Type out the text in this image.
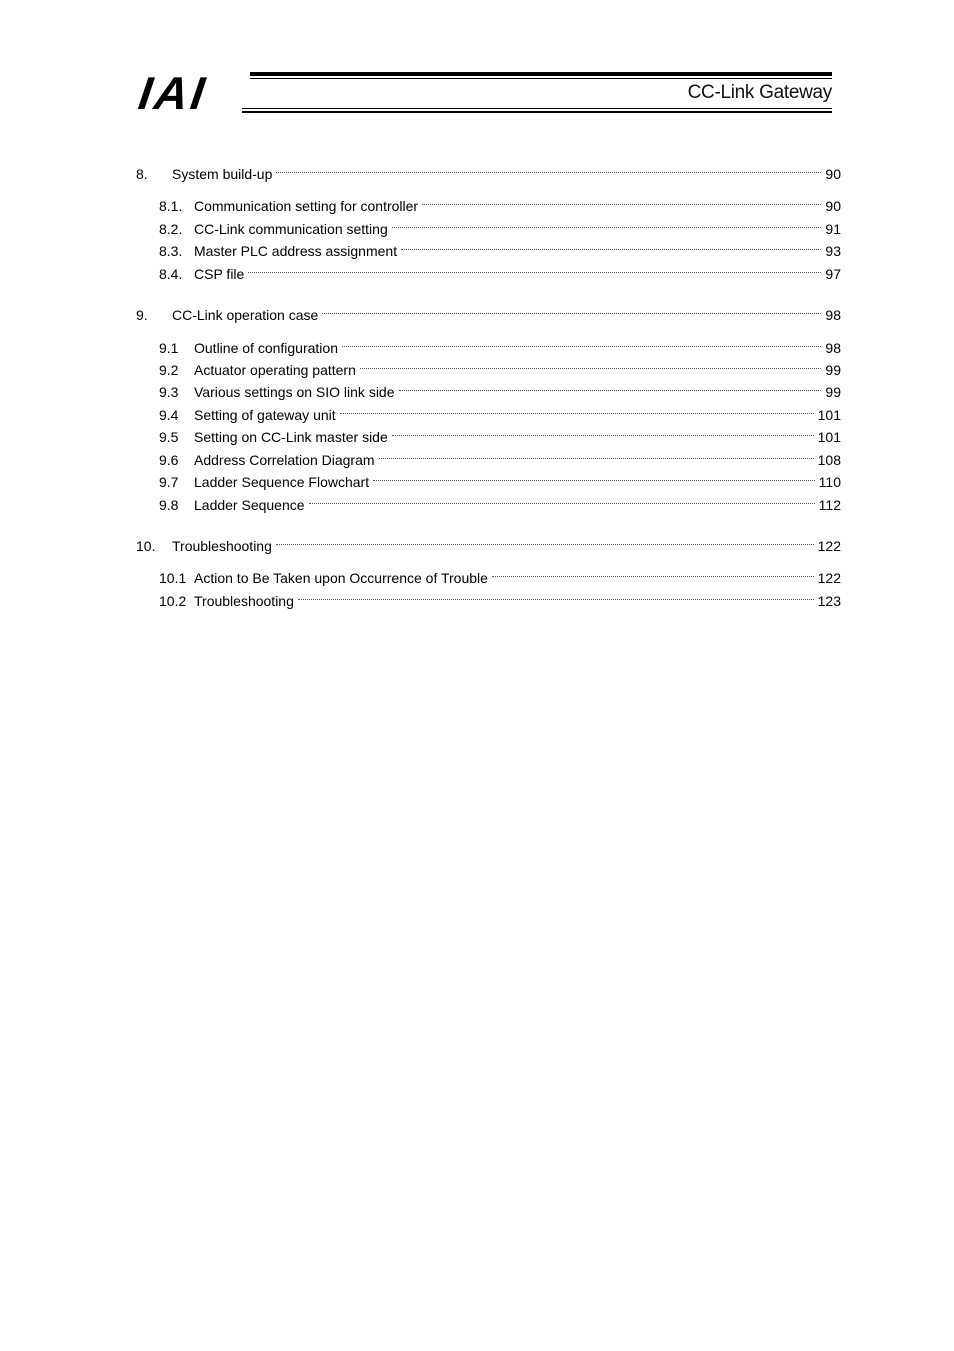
IAI	CC-Link Gateway
8.	System build-up	90
8.1. Communication setting for controller	90
8.2. CC-Link communication setting	91
8.3. Master PLC address assignment	93
8.4. CSP file	97
9.	CC-Link operation case	98
9.1	Outline of configuration	98
9.2	Actuator operating pattern	99
9.3	Various settings on SIO link side	99
9.4	Setting of gateway unit	101
9.5	Setting on CC-Link master side	101
9.6	Address Correlation Diagram	108
9.7	Ladder Sequence Flowchart	110
9.8	Ladder Sequence	112
10.	Troubleshooting	122
10.1 Action to Be Taken upon Occurrence of Trouble	122
10.2 Troubleshooting	123
